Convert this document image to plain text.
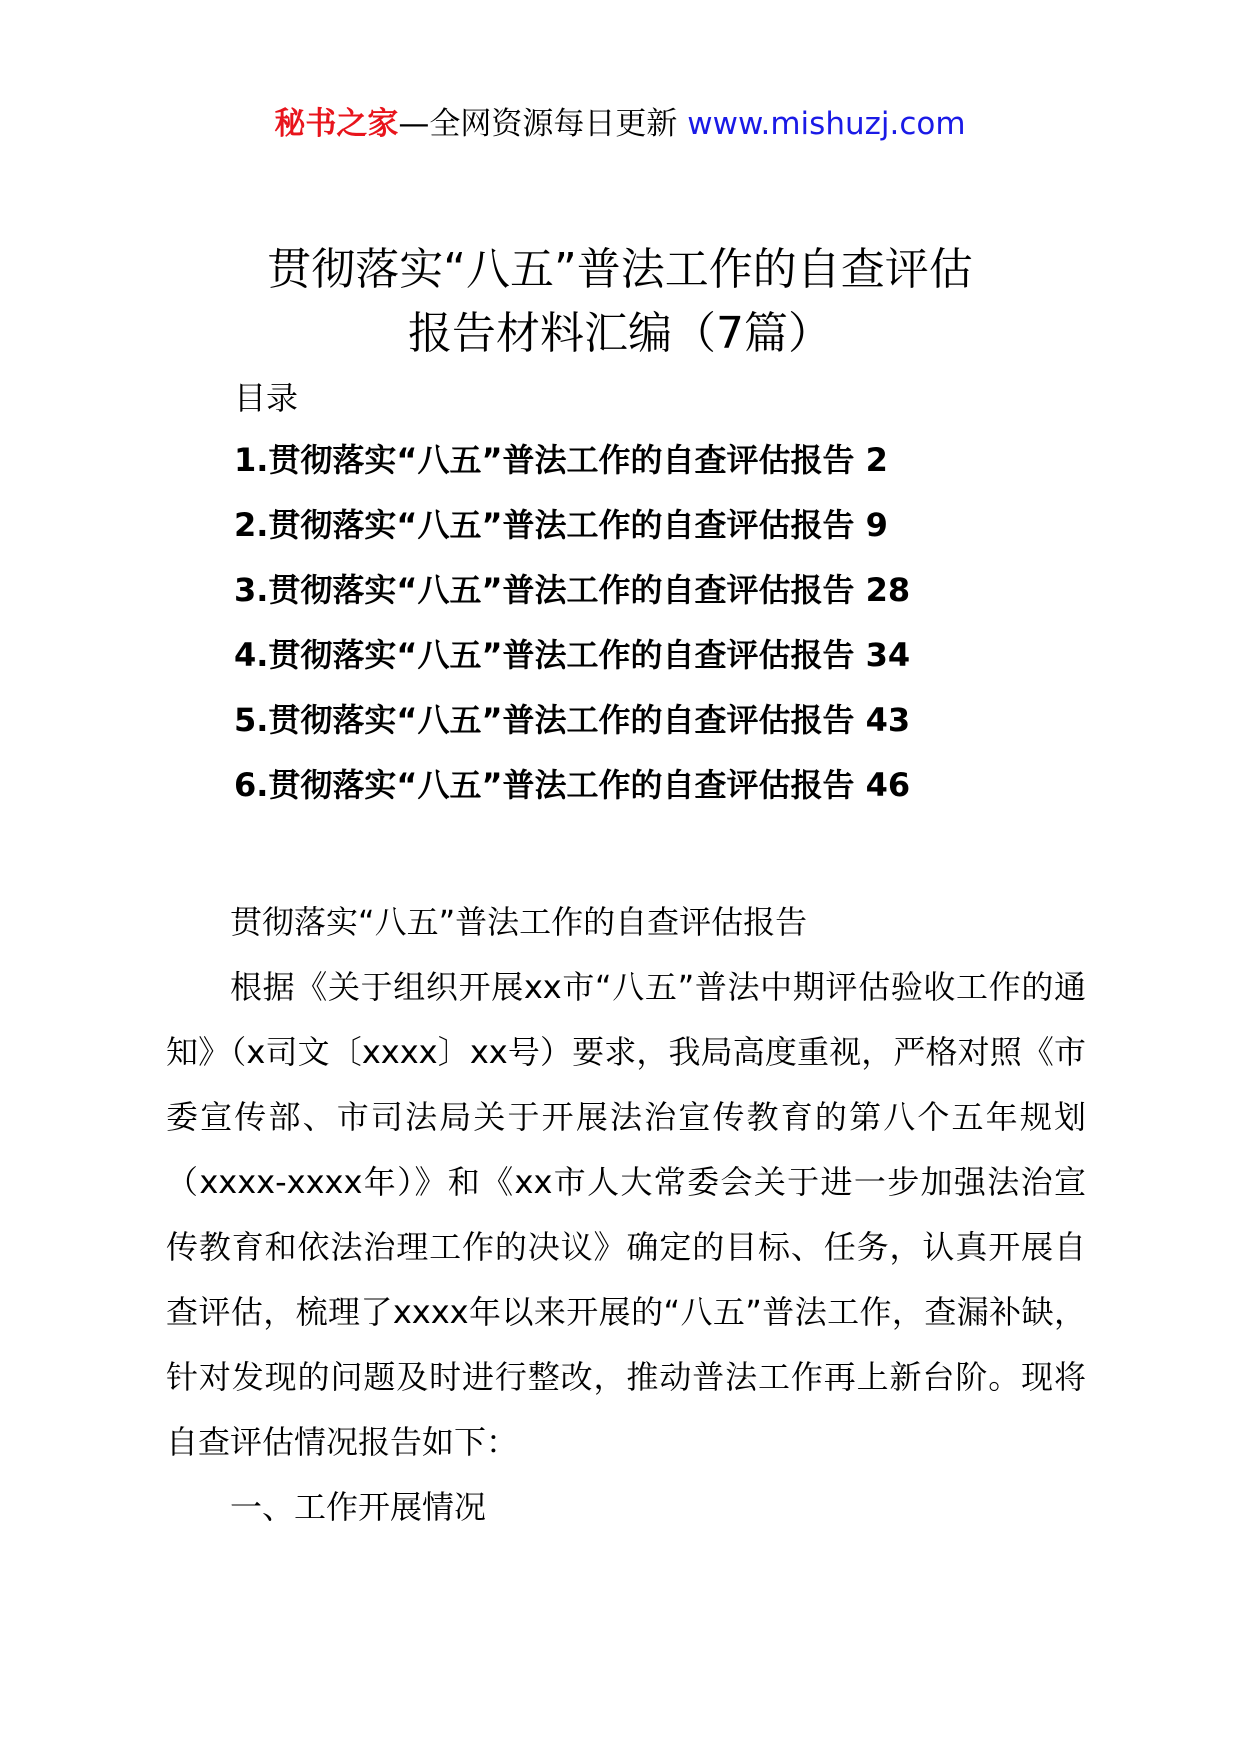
秘书之家—全网资源每日更新 www.mishuzj.com
贯彻落实“八五”普法工作的自查评估
报告材料汇编（7篇）
目录
1.贯彻落实“八五”普法工作的自查评估报告 2
2.贯彻落实“八五”普法工作的自查评估报告 9
3.贯彻落实“八五”普法工作的自查评估报告 28
4.贯彻落实“八五”普法工作的自查评估报告 34
5.贯彻落实“八五”普法工作的自查评估报告 43
6.贯彻落实“八五”普法工作的自查评估报告 46

贯彻落实“八五”普法工作的自查评估报告

根据《关于组织开展xx市“八五”普法中期评估验收工作的通知》（x司文〔xxxx〕xx号）要求，我局高度重视，严格对照《市委宣传部、市司法局关于开展法治宣传教育的第八个五年规划（xxxx-xxxx年）》和《xx市人大常委会关于进一步加强法治宣传教育和依法治理工作的决议》确定的目标、任务，认真开展自查评估，梳理了xxxx年以来开展的“八五”普法工作，查漏补缺，针对发现的问题及时进行整改，推动普法工作再上新台阶。现将自查评估情况报告如下：

一、工作开展情况
